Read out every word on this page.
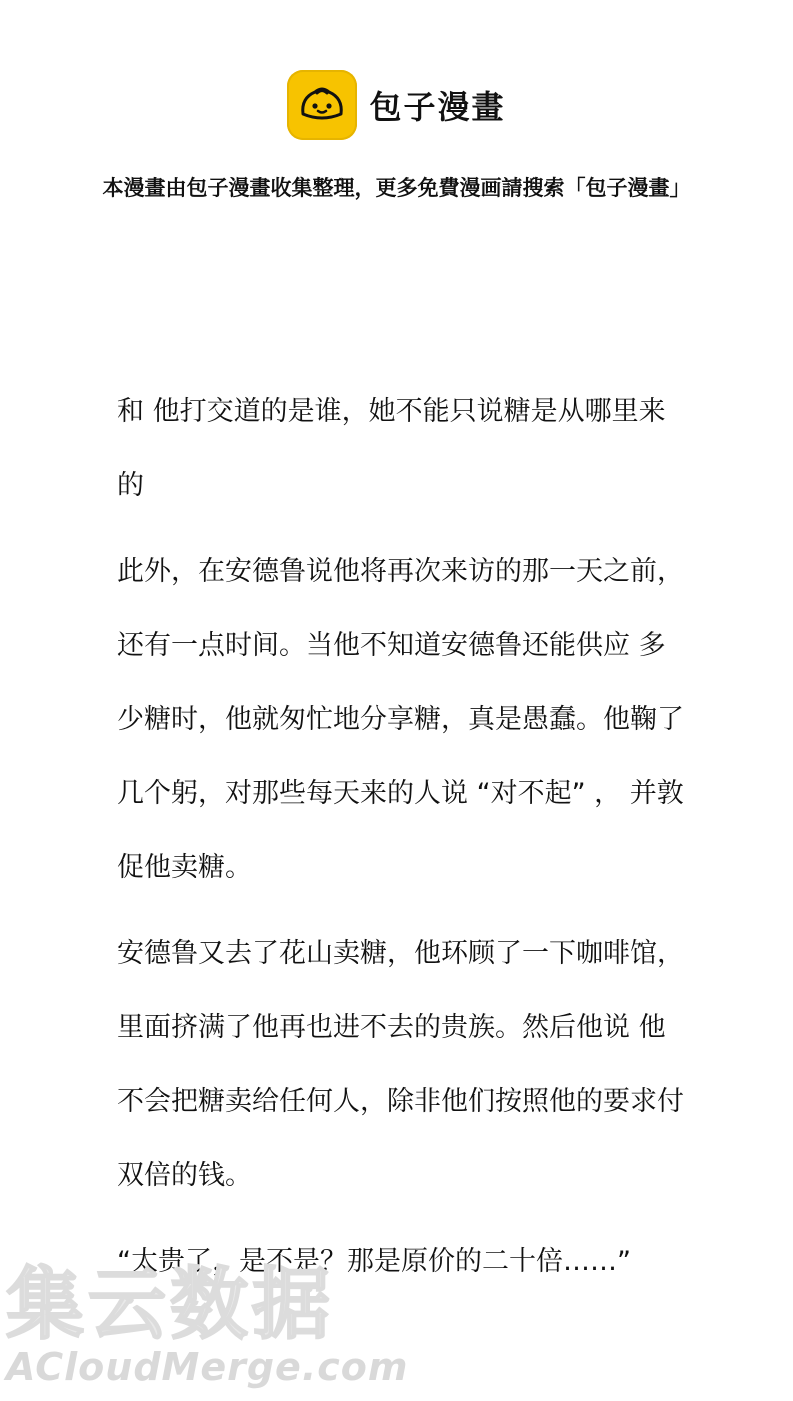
包子漫畫
本漫畫由包子漫畫收集整理，更多免費漫画請搜索「包子漫畫」

和 他打交道的是谁，她不能只说糖是从哪里来的

此外，在安德鲁说他将再次来访的那一天之前，还有一点时间。当他不知道安德鲁还能供应 多少糖时，他就匆忙地分享糖，真是愚蠢。他鞠了几个躬，对那些每天来的人说 “对不起” ， 并敦促他卖糖。

安德鲁又去了花山卖糖，他环顾了一下咖啡馆，里面挤满了他再也进不去的贵族。然后他说 他不会把糖卖给任何人，除非他们按照他的要求付双倍的钱。

“太贵了，是不是？那是原价的二十倍……”

集云数据
ACloudMerge.com
